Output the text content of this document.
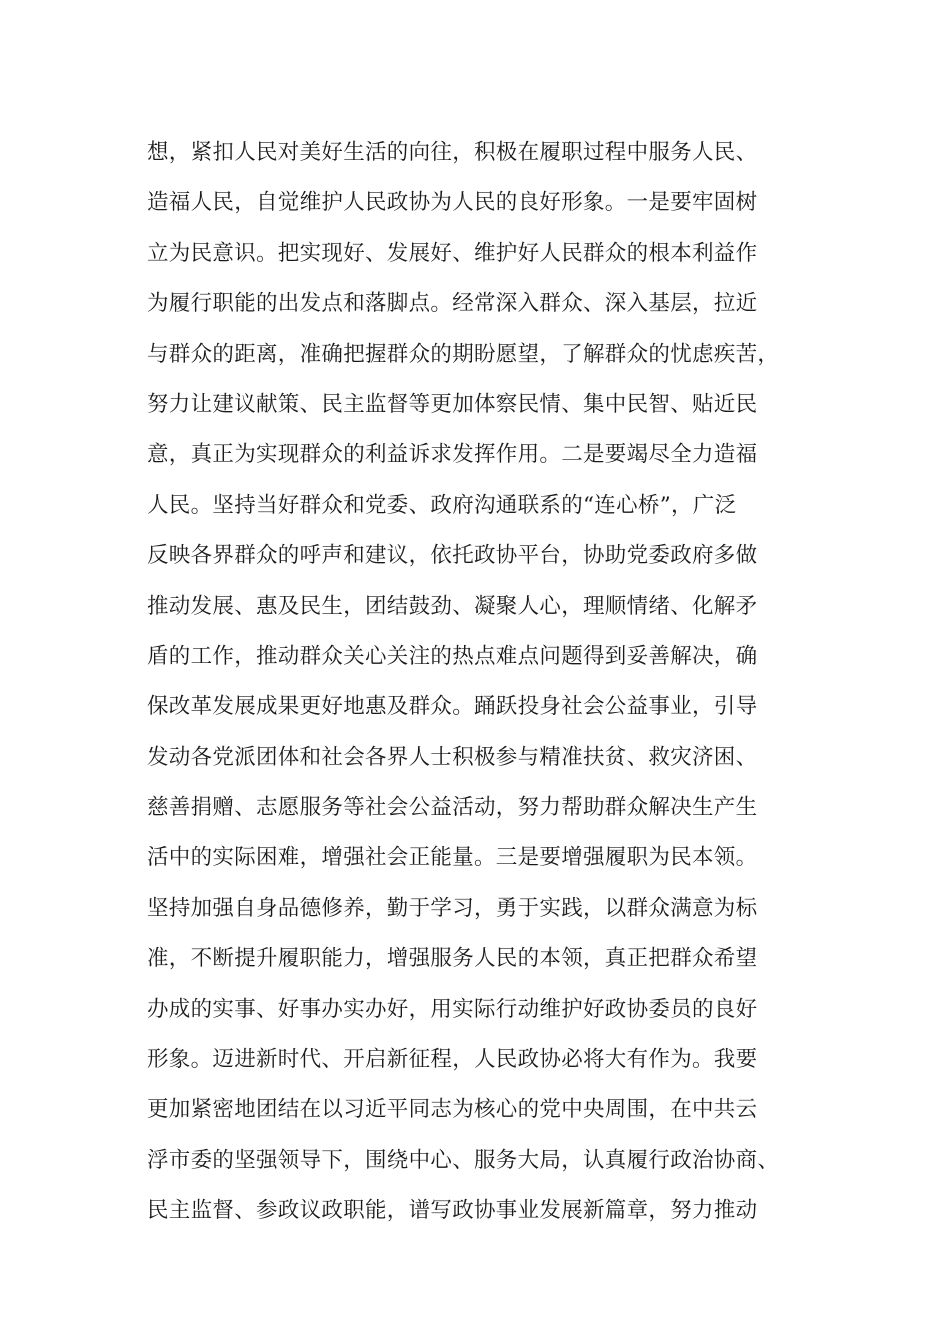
想，紧扣人民对美好生活的向往，积极在履职过程中服务人民、
造福人民，自觉维护人民政协为人民的良好形象。一是要牢固树
立为民意识。把实现好、发展好、维护好人民群众的根本利益作
为履行职能的出发点和落脚点。经常深入群众、深入基层，拉近
与群众的距离，准确把握群众的期盼愿望，了解群众的忧虑疾苦，
努力让建议献策、民主监督等更加体察民情、集中民智、贴近民
意，真正为实现群众的利益诉求发挥作用。二是要竭尽全力造福
人民。坚持当好群众和党委、政府沟通联系的“连心桥”，广泛
反映各界群众的呼声和建议，依托政协平台，协助党委政府多做
推动发展、惠及民生，团结鼓劲、凝聚人心，理顺情绪、化解矛
盾的工作，推动群众关心关注的热点难点问题得到妥善解决，确
保改革发展成果更好地惠及群众。踊跃投身社会公益事业，引导
发动各党派团体和社会各界人士积极参与精准扶贫、救灾济困、
慈善捐赠、志愿服务等社会公益活动，努力帮助群众解决生产生
活中的实际困难，增强社会正能量。三是要增强履职为民本领。
坚持加强自身品德修养，勤于学习，勇于实践，以群众满意为标
准，不断提升履职能力，增强服务人民的本领，真正把群众希望
办成的实事、好事办实办好，用实际行动维护好政协委员的良好
形象。迈进新时代、开启新征程，人民政协必将大有作为。我要
更加紧密地团结在以习近平同志为核心的党中央周围，在中共云
浮市委的坚强领导下，围绕中心、服务大局，认真履行政治协商、
民主监督、参政议政职能，谱写政协事业发展新篇章，努力推动
